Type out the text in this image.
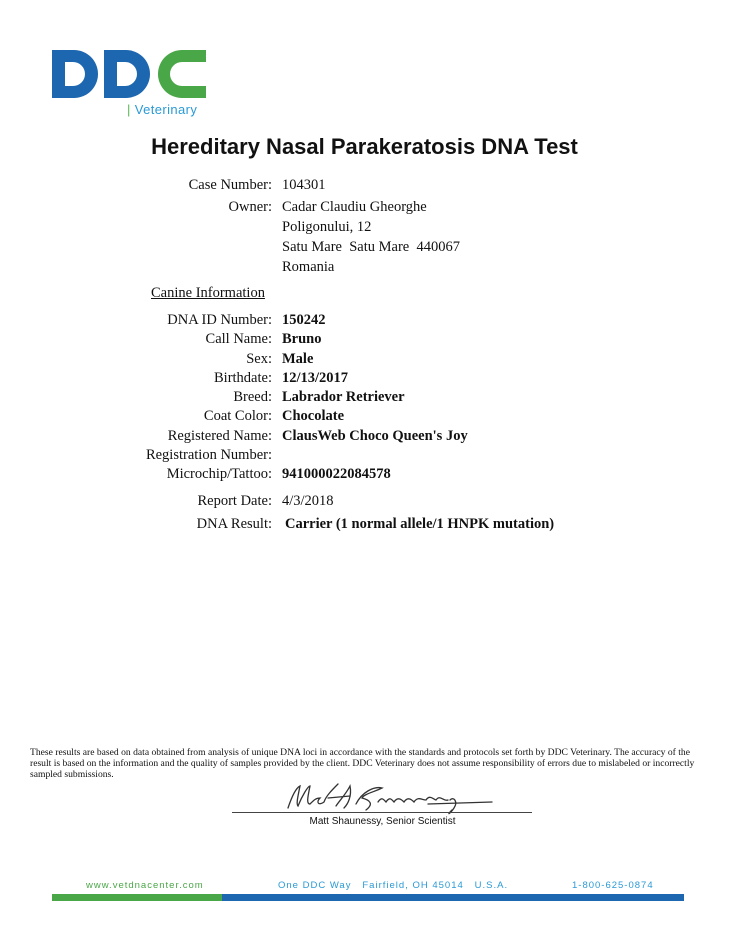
| Veterinary
Hereditary Nasal Parakeratosis DNA Test
Case Number: 104301
Owner: Cadar Claudiu Gheorghe
Poligonului, 12
Satu Mare  Satu Mare  440067
Romania
Canine Information
DNA ID Number: 150242
Call Name: Bruno
Sex: Male
Birthdate: 12/13/2017
Breed: Labrador Retriever
Coat Color: Chocolate
Registered Name: ClausWeb Choco Queen's Joy
Registration Number:
Microchip/Tattoo: 941000022084578
Report Date: 4/3/2018
DNA Result: Carrier (1 normal allele/1 HNPK mutation)
These results are based on data obtained from analysis of unique DNA loci in accordance with the standards and protocols set forth by DDC Veterinary. The accuracy of the result is based on the information and the quality of samples provided by the client. DDC Veterinary does not assume responsibility of errors due to mislabeled or incorrectly sampled submissions.
Matt Shaunessy, Senior Scientist
www.vetdnacenter.com	One DDC Way   Fairfield, OH 45014   U.S.A.	1-800-625-0874
